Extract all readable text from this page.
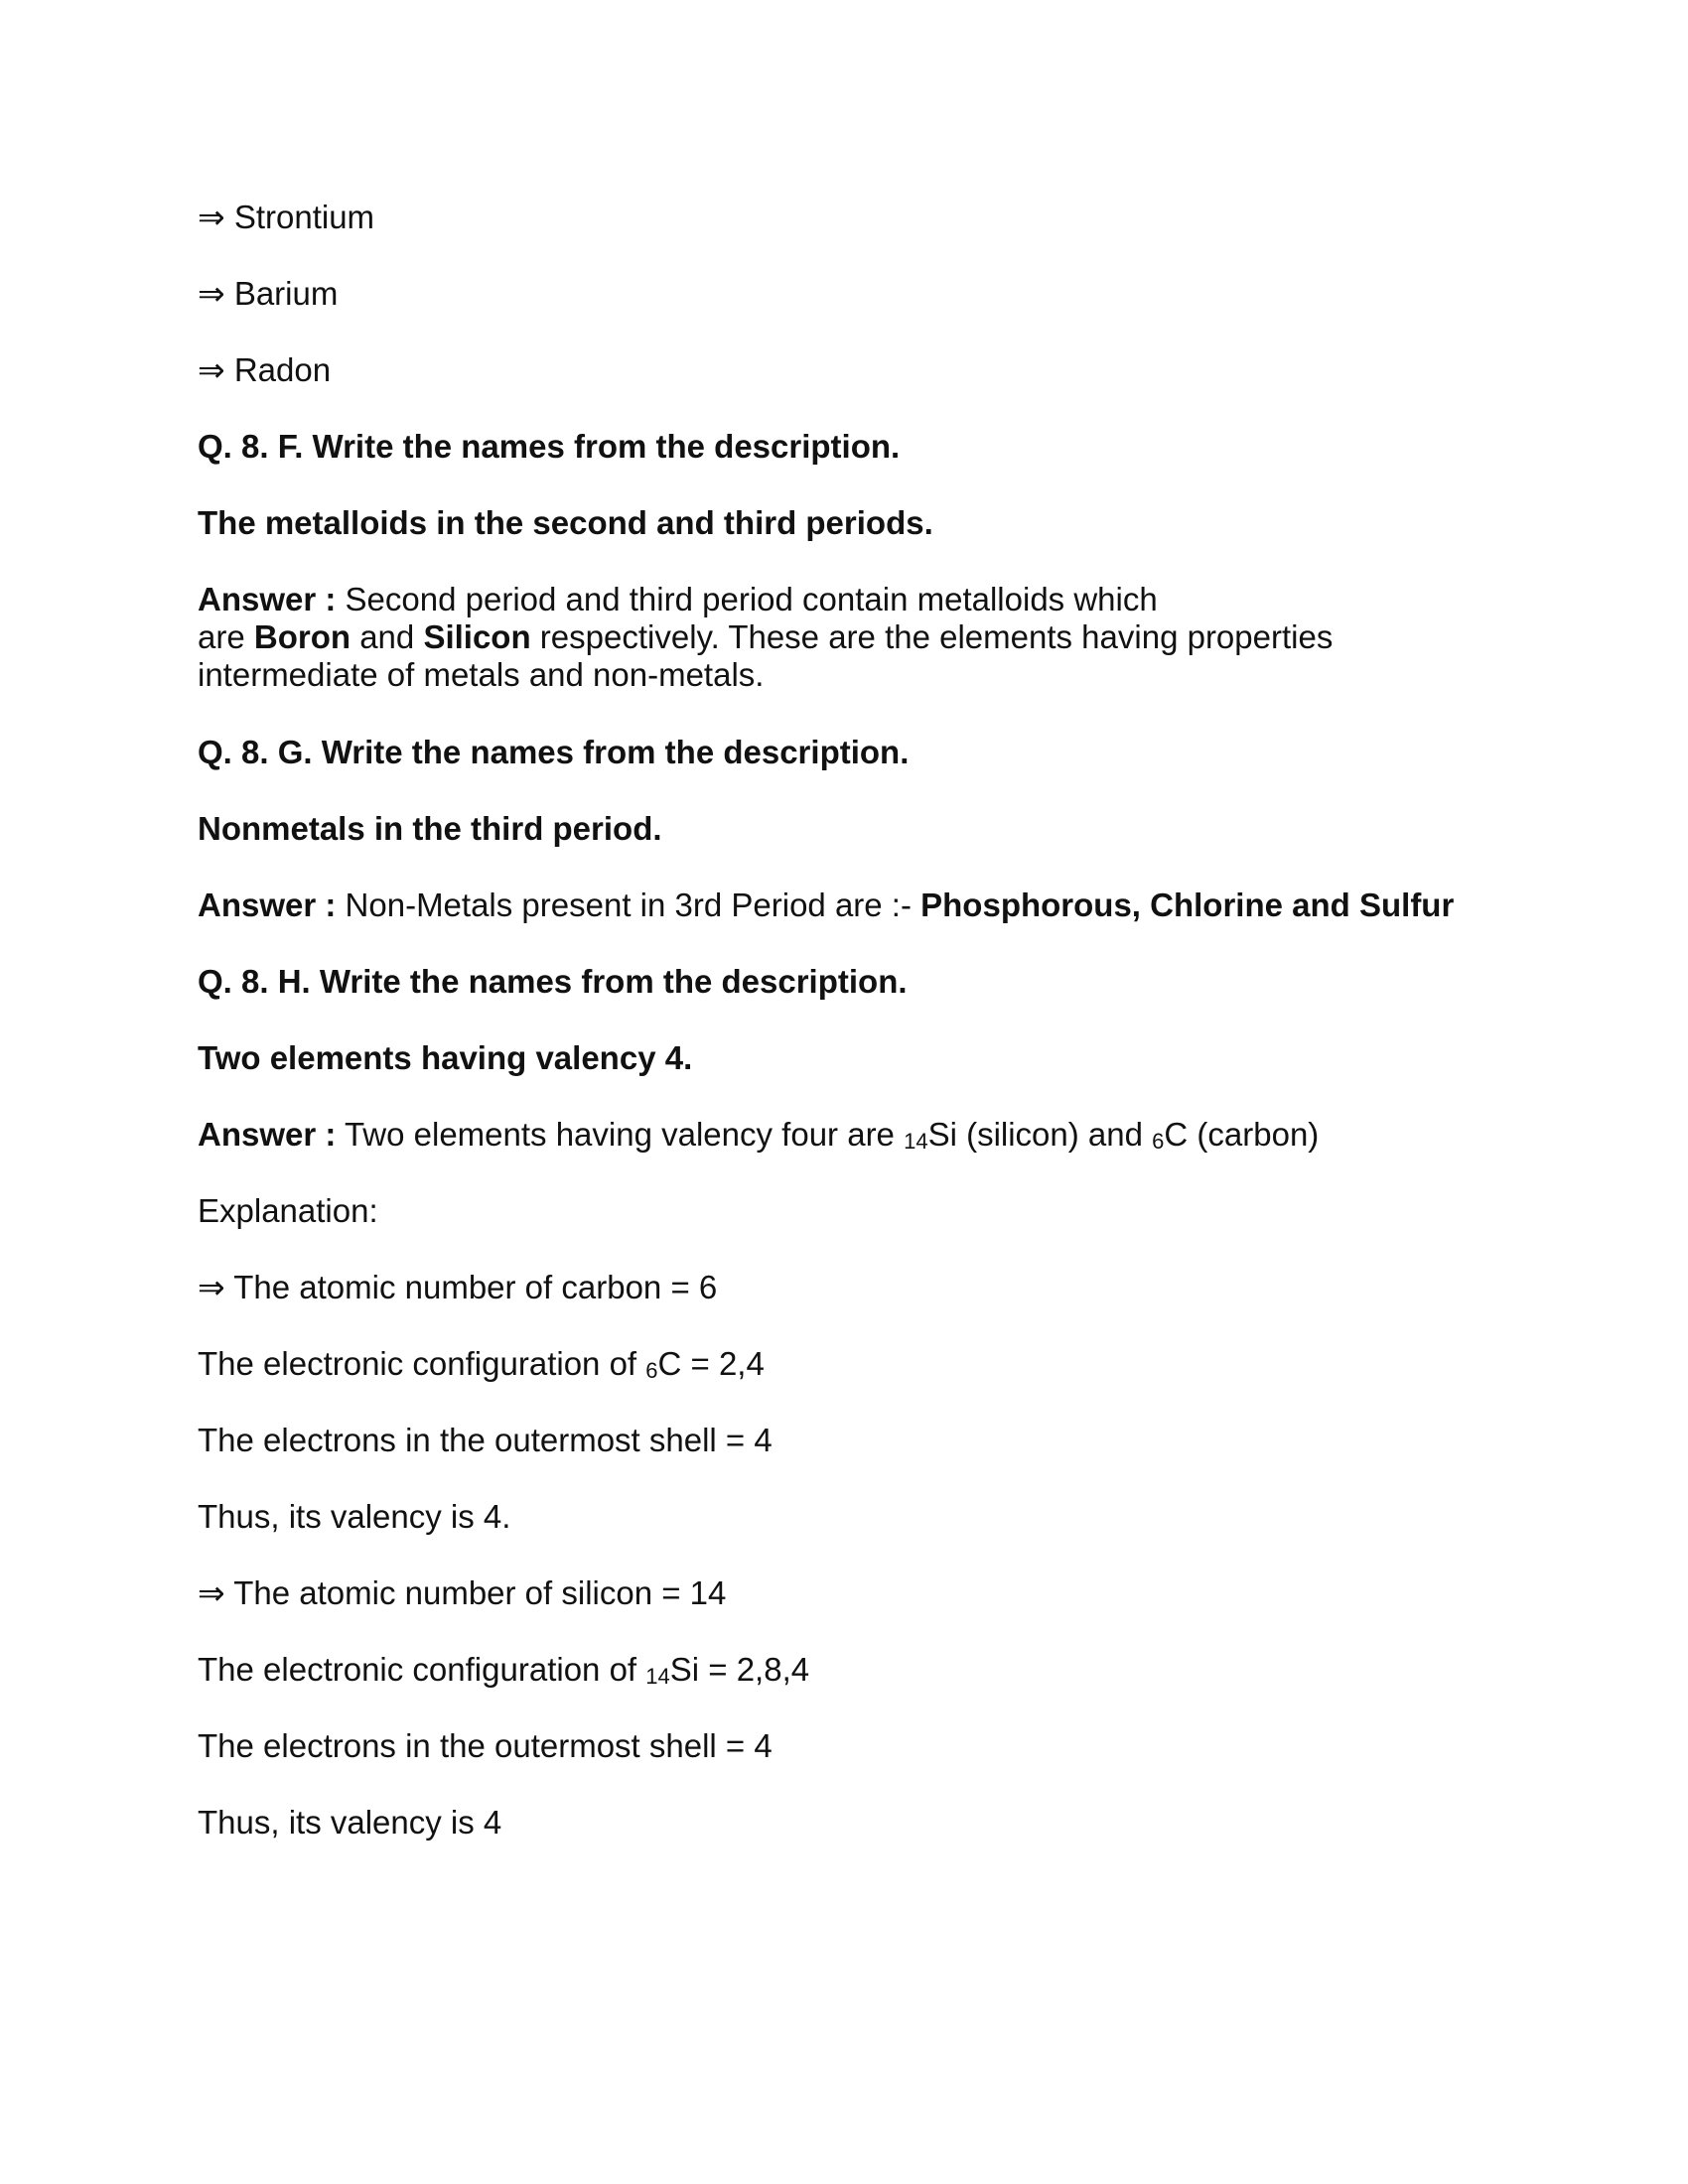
⇒ Strontium
⇒ Barium
⇒ Radon
Q. 8. F. Write the names from the description.
The metalloids in the second and third periods.
Answer : Second period and third period contain metalloids which
are Boron and Silicon respectively. These are the elements having properties
intermediate of metals and non-metals.
Q. 8. G. Write the names from the description.
Nonmetals in the third period.
Answer : Non-Metals present in 3rd Period are :- Phosphorous, Chlorine and Sulfur
Q. 8. H. Write the names from the description.
Two elements having valency 4.
Answer : Two elements having valency four are $_{14}$Si (silicon) and $_6$C (carbon)
Explanation:
⇒ The atomic number of carbon = 6
The electronic configuration of $_6$C = 2,4
The electrons in the outermost shell = 4
Thus, its valency is 4.
⇒ The atomic number of silicon = 14
The electronic configuration of $_{14}$Si = 2,8,4
The electrons in the outermost shell = 4
Thus, its valency is 4
